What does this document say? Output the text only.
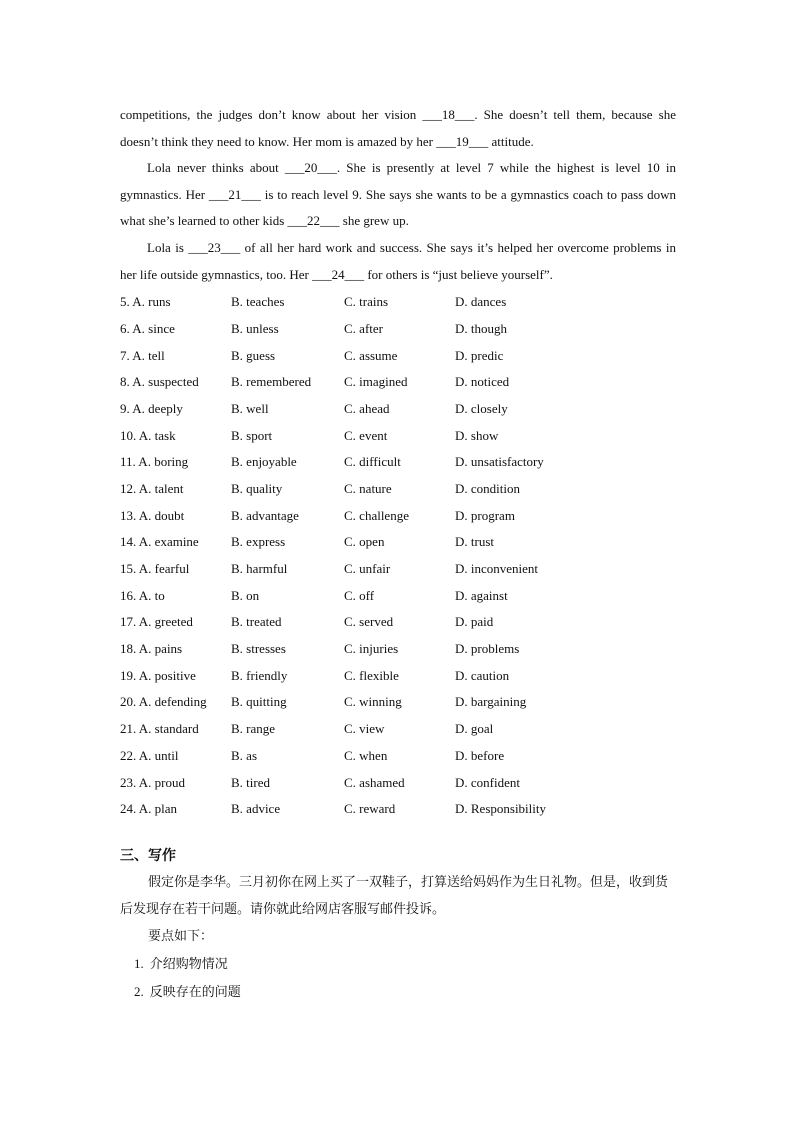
competitions, the judges don’t know about her vision ___18___. She doesn’t tell them, because she doesn’t think they need to know. Her mom is amazed by her ___19___ attitude.

Lola never thinks about ___20___. She is presently at level 7 while the highest is level 10 in gymnastics. Her ___21___ is to reach level 9. She says she wants to be a gymnastics coach to pass down what she’s learned to other kids ___22___ she grew up.

Lola is ___23___ of all her hard work and success. She says it’s helped her overcome problems in her life outside gymnastics, too. Her ___24___ for others is “just believe yourself”.

5. A. runs	B. teaches	C. trains	D. dances
6. A. since	B. unless	C. after	D. though
7. A. tell	B. guess	C. assume	D. predic
8. A. suspected	B. remembered	C. imagined	D. noticed
9. A. deeply	B. well	C. ahead	D. closely
10. A. task	B. sport	C. event	D. show
11. A. boring	B. enjoyable	C. difficult	D. unsatisfactory
12. A. talent	B. quality	C. nature	D. condition
13. A. doubt	B. advantage	C. challenge	D. program
14. A. examine	B. express	C. open	D. trust
15. A. fearful	B. harmful	C. unfair	D. inconvenient
16. A. to	B. on	C. off	D. against
17. A. greeted	B. treated	C. served	D. paid
18. A. pains	B. stresses	C. injuries	D. problems
19. A. positive	B. friendly	C. flexible	D. caution
20. A. defending	B. quitting	C. winning	D. bargaining
21. A. standard	B. range	C. view	D. goal
22. A. until	B. as	C. when	D. before
23. A. proud	B. tired	C. ashamed	D. confident
24. A. plan	B. advice	C. reward	D. Responsibility
三、写作

假定你是李华。三月初你在网上买了一双鞋子，打算送给妈妈作为生日礼物。但是，收到货后发现存在若干问题。请你就此给网店客服写邮件投诉。

要点如下：

1. 介绍购物情况
2. 反映存在的问题
